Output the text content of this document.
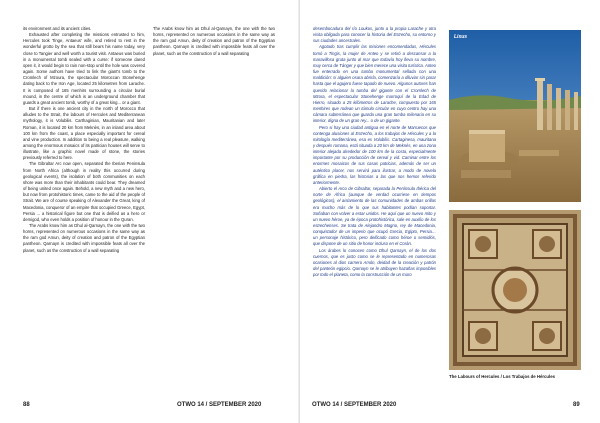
its environment and its ancient cities.

Exhausted after completing the missions entrusted to him, Hercules took Tinge, Antaeus' wife, and retired to rest in the wonderful grotto by the sea that still bears his name today, very close to Tangier and well worth a tourist visit. Antaeus was buried in a monumental tomb sealed with a curse: if someone dared open it, it would begin to rain non-stop until the hole was covered again. Some authors have tried to link the giant's tomb to the Cromlech of Mzoura, the spectacular Moroccan Stonehenge dating back to the Iron Age, located 25 kilometres from Larache. It is composed of 165 menhirs surrounding a circular burial mound, in the centre of which is an underground chamber that guards a great ancient tomb, worthy of a great king... or a giant.

But if there is one ancient city in the north of Morocco that alludes to the Strait, the labours of Hercules and Mediterranean mythology, it is Volubilis. Carthaginian, Mauritanian and later Roman, it is located 20 km from Meknès, in an inland area about 100 km from the coast, a place especially important for cereal and vine production. In addition to being a real pleasure, walking among the enormous mosaics of its patrician houses will serve to illustrate, like a graphic novel made of stone, the stories previously referred to here.

The Gibraltar Arc now open, separated the Iberian Peninsula from North Africa (although in reality this occurred during geological events), the isolation of both communities on each shore was more than their inhabitants could bear. They dreamed of being united once again. Behold, a new myth and a new hero, but now from protohistoric times, came to the aid of the people of Strait. We are of course speaking of Alexander the Great, king of Macedonia, conqueror of an empire that occupied Greece, Egypt, Persia ... a historical figure but one that is deified as a hero or demigod, who even holds a position of honour in the Quran.

The Arabs know him as Dhul al-Qarnayn, the one with the two horns, represented on numerous occasions in the same way as the ram god Amun, deity of creation and patron of the Egyptian pantheon. Qarnayn is credited with impossible feats all over the planet, such as the construction of a wall separating

The Arabs know him as Dhul al-Qarnayn, the one with the two horns, represented on numerous occasions in the same way as the ram god Amun, deity of creation and patron of the Egyptian pantheon. Qarnayn is credited with impossible feats all over the planet, such as the construction of a wall separating

88	OTWO 14 / SEPTEMBER 2020

desembocadura del río Loukos, junto a la propia Larache y otra visita obligada para conocer la historia del Estrecho, su entorno y sus ciudades ancestrales.

Agotado tras cumplir las misiones encomendadas, Hércules tomó a Tingis, la mujer de Anteo y se retiró a descansar a la maravillosa gruta junto al mar que todavía hoy lleva su nombre, muy cerca de Tánger y que bien merece una visita turística. Anteo fue enterrado en una tumba monumental sellada con una maldición: si alguien osara abrirla, comenzaría a diluviar sin parar hasta que el agujero fuese tapado de nuevo. Algunos autores han querido relacionar la tumba del gigante con el Cromlech de Mzora, el espectacular Stonehenge marroquí de la Edad de Hierro, situado a 25 kilómetros de Larache, compuesto por 165 menhires que rodean un túmulo circular en cuyo centro hay una cámara subterránea que guarda una gran tumba milenaria en su interior, digna de un gran rey... o de un gigante.

Pero si hay una ciudad antigua en el norte de Marruecos que contenga alusiones al Estrecho, a los trabajos de Hércules y a la mitología mediterránea, esa es Volubilis. Cartaginesa, mauritana y después romana, está situada a 20 km de Meknès, en una zona interior alejada alrededor de 100 km de la costa, especialmente importante por su producción de cereal y vid. Caminar entre los enormes mosaicos de sus casas patricias, además de ser un auténtico placer, nos servirá para ilustrar, a modo de novela gráfica en piedra, las historias a las que nos hemos referido anteriormente.

Abierto el Arco de Gibraltar, separada la Península Ibérica del norte de África (aunque de verdad ocurriese en tiempos geológicos), el aislamiento de las comunidades de ambas orillas era mucho más de lo que sus habitantes podían soportar. Soñaban con volver a estar unidos. He aquí que un nuevo mito y un nuevo héroe, ya de época protohistórica, sale en auxilio de los estrechenses. Se trata de Alejandro Magno, rey de Macedonia, conquistador de un imperio que ocupó Grecia, Egipto, Persia… un personaje histórico, pero deificado como héroe o semidiós, que dispone de un sitio de honor incluso en el Corán.

Los árabes lo conocen como Dhul Qarnayn, el de los dos cuernos, que es justo como se le representado en numerosas ocasiones al dios carnero Amón, deidad de la creación y patrón del panteón egipcio. Qarnayn se le atribuyen hazañas imposibles por todo el planeta, como la construcción de un muro

Lixus
The Labours of Hercules / Los Trabajos de Hércules
OTWO 14 / SEPTEMBER 2020	89
